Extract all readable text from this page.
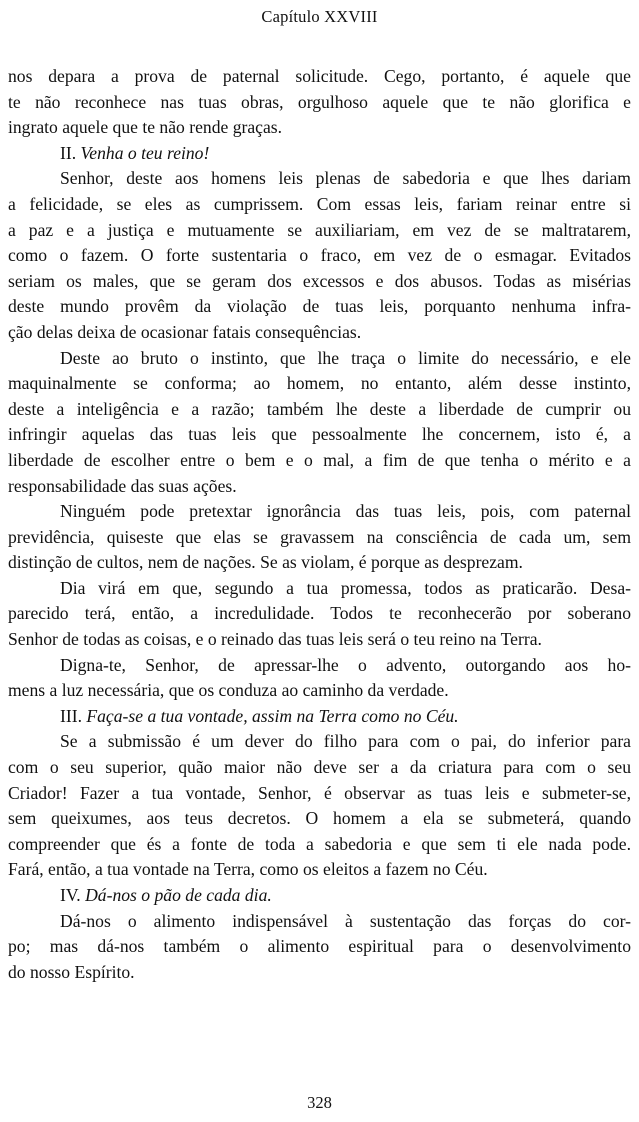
Capítulo XXVIII
nos depara a prova de paternal solicitude. Cego, portanto, é aquele que
te não reconhece nas tuas obras, orgulhoso aquele que te não glorifica e
ingrato aquele que te não rende graças.
II. Venha o teu reino!
Senhor, deste aos homens leis plenas de sabedoria e que lhes dariam
a felicidade, se eles as cumprissem. Com essas leis, fariam reinar entre si
a paz e a justiça e mutuamente se auxiliariam, em vez de se maltratarem,
como o fazem. O forte sustentaria o fraco, em vez de o esmagar. Evitados
seriam os males, que se geram dos excessos e dos abusos. Todas as misérias
deste mundo provêm da violação de tuas leis, porquanto nenhuma infra-
ção delas deixa de ocasionar fatais consequências.
Deste ao bruto o instinto, que lhe traça o limite do necessário, e ele
maquinalmente se conforma; ao homem, no entanto, além desse instinto,
deste a inteligência e a razão; também lhe deste a liberdade de cumprir ou
infringir aquelas das tuas leis que pessoalmente lhe concernem, isto é, a
liberdade de escolher entre o bem e o mal, a fim de que tenha o mérito e a
responsabilidade das suas ações.
Ninguém pode pretextar ignorância das tuas leis, pois, com paternal
previdência, quiseste que elas se gravassem na consciência de cada um, sem
distinção de cultos, nem de nações. Se as violam, é porque as desprezam.
Dia virá em que, segundo a tua promessa, todos as praticarão. Desa-
parecido terá, então, a incredulidade. Todos te reconhecerão por soberano
Senhor de todas as coisas, e o reinado das tuas leis será o teu reino na Terra.
Digna-te, Senhor, de apressar-lhe o advento, outorgando aos ho-
mens a luz necessária, que os conduza ao caminho da verdade.
III. Faça-se a tua vontade, assim na Terra como no Céu.
Se a submissão é um dever do filho para com o pai, do inferior para
com o seu superior, quão maior não deve ser a da criatura para com o seu
Criador! Fazer a tua vontade, Senhor, é observar as tuas leis e submeter-se,
sem queixumes, aos teus decretos. O homem a ela se submeterá, quando
compreender que és a fonte de toda a sabedoria e que sem ti ele nada pode.
Fará, então, a tua vontade na Terra, como os eleitos a fazem no Céu.
IV. Dá-nos o pão de cada dia.
Dá-nos o alimento indispensável à sustentação das forças do cor-
po; mas dá-nos também o alimento espiritual para o desenvolvimento
do nosso Espírito.
328
